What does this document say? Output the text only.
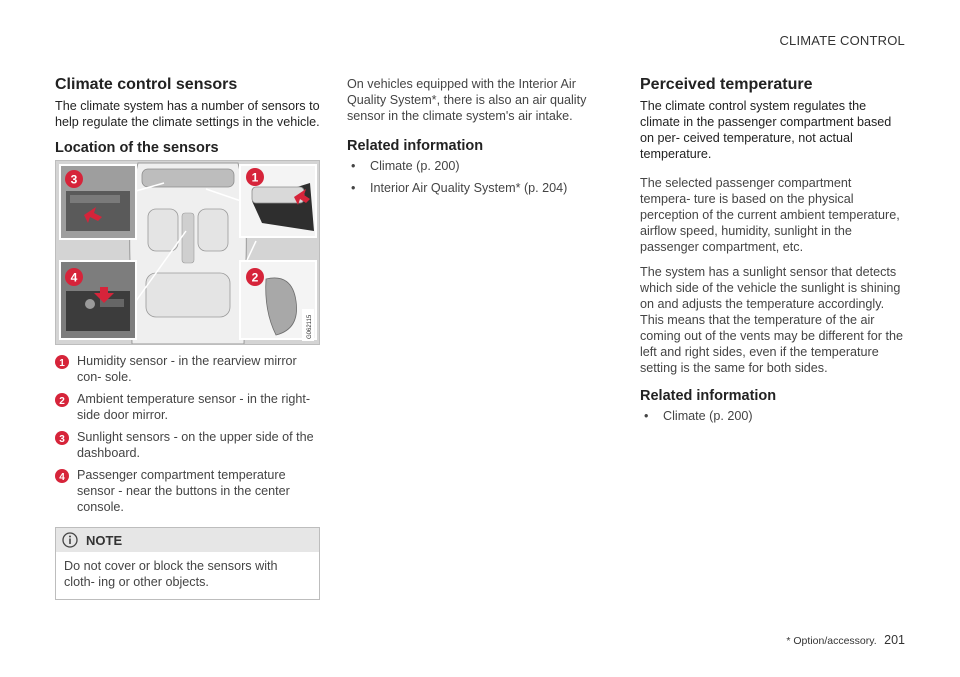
CLIMATE CONTROL
Climate control sensors

The climate system has a number of sensors to help regulate the climate settings in the vehicle.

Location of the sensors
3	1
4	2
G062115
1 Humidity sensor - in the rearview mirror con- sole.
2 Ambient temperature sensor - in the right- side door mirror.
3 Sunlight sensors - on the upper side of the dashboard.
4 Passenger compartment temperature sensor - near the buttons in the center console.
NOTE
Do not cover or block the sensors with cloth- ing or other objects.

On vehicles equipped with the Interior Air Quality System*, there is also an air quality sensor in the climate system's air intake.

Related information
• Climate (p. 200)
• Interior Air Quality System* (p. 204)
Perceived temperature

The climate control system regulates the climate in the passenger compartment based on per- ceived temperature, not actual temperature.

The selected passenger compartment tempera- ture is based on the physical perception of the current ambient temperature, airflow speed, humidity, sunlight in the passenger compartment, etc.

The system has a sunlight sensor that detects which side of the vehicle the sunlight is shining on and adjusts the temperature accordingly. This means that the temperature of the air coming out of the vents may be different for the left and right sides, even if the temperature setting is the same for both sides.

Related information
• Climate (p. 200)
* Option/accessory. 201
